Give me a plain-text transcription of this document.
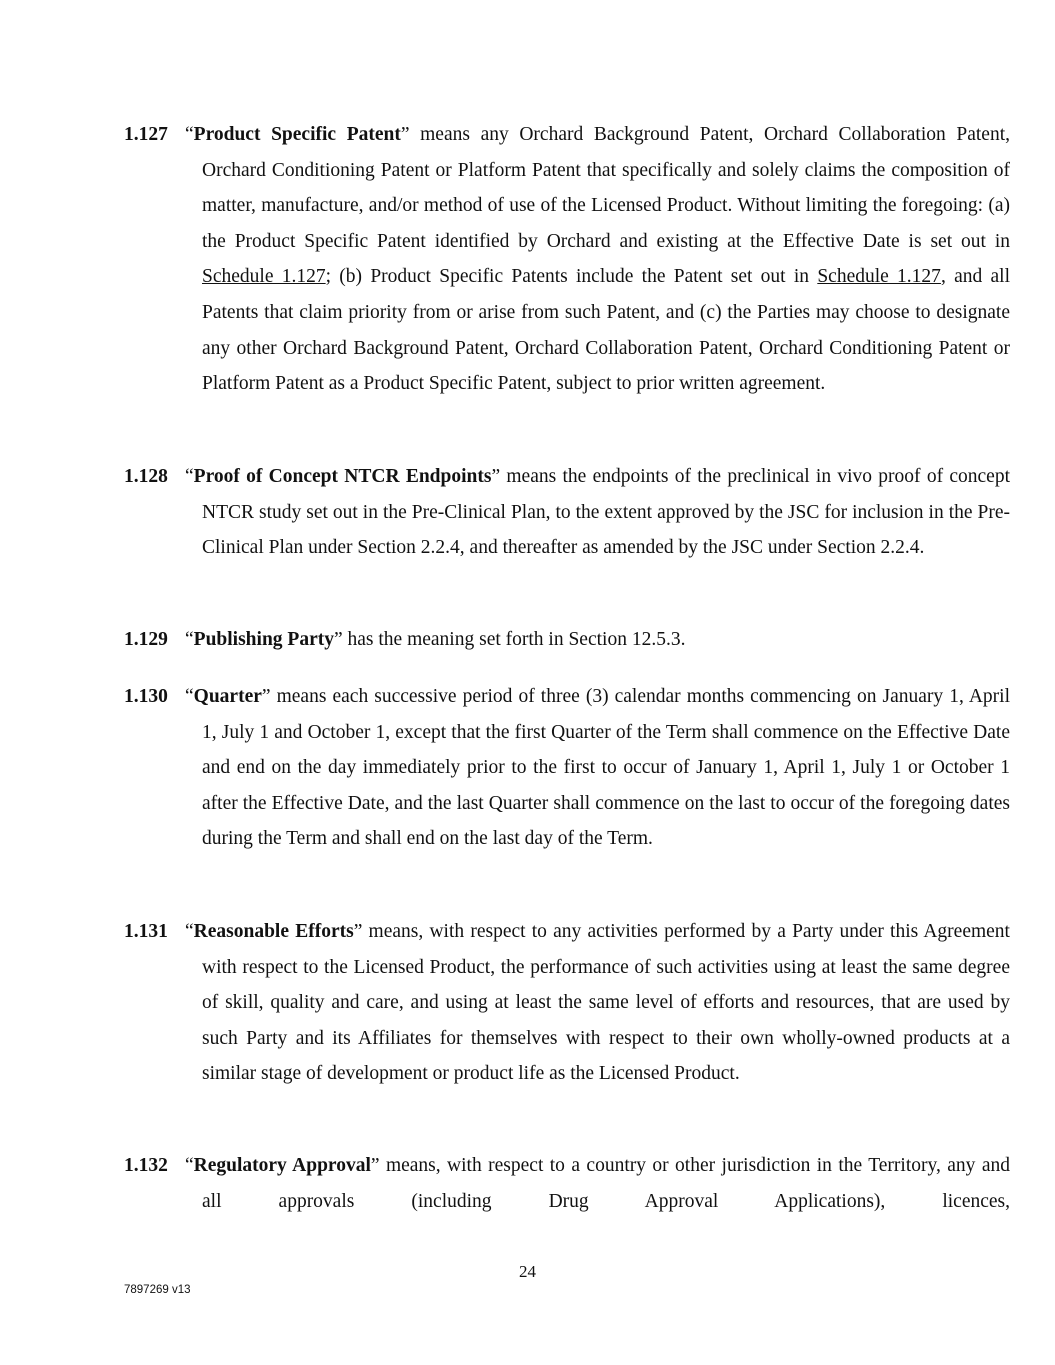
1.127 “Product Specific Patent” means any Orchard Background Patent, Orchard Collaboration Patent, Orchard Conditioning Patent or Platform Patent that specifically and solely claims the composition of matter, manufacture, and/or method of use of the Licensed Product. Without limiting the foregoing: (a) the Product Specific Patent identified by Orchard and existing at the Effective Date is set out in Schedule 1.127; (b) Product Specific Patents include the Patent set out in Schedule 1.127, and all Patents that claim priority from or arise from such Patent, and (c) the Parties may choose to designate any other Orchard Background Patent, Orchard Collaboration Patent, Orchard Conditioning Patent or Platform Patent as a Product Specific Patent, subject to prior written agreement.

1.128 “Proof of Concept NTCR Endpoints” means the endpoints of the preclinical in vivo proof of concept NTCR study set out in the Pre-Clinical Plan, to the extent approved by the JSC for inclusion in the Pre-Clinical Plan under Section 2.2.4, and thereafter as amended by the JSC under Section 2.2.4.

1.129 “Publishing Party” has the meaning set forth in Section 12.5.3.

1.130 “Quarter” means each successive period of three (3) calendar months commencing on January 1, April 1, July 1 and October 1, except that the first Quarter of the Term shall commence on the Effective Date and end on the day immediately prior to the first to occur of January 1, April 1, July 1 or October 1 after the Effective Date, and the last Quarter shall commence on the last to occur of the foregoing dates during the Term and shall end on the last day of the Term.

1.131 “Reasonable Efforts” means, with respect to any activities performed by a Party under this Agreement with respect to the Licensed Product, the performance of such activities using at least the same degree of skill, quality and care, and using at least the same level of efforts and resources, that are used by such Party and its Affiliates for themselves with respect to their own wholly-owned products at a similar stage of development or product life as the Licensed Product.

1.132 “Regulatory Approval” means, with respect to a country or other jurisdiction in the Territory, any and all approvals (including Drug Approval Applications), licences,

24
7897269 v13
